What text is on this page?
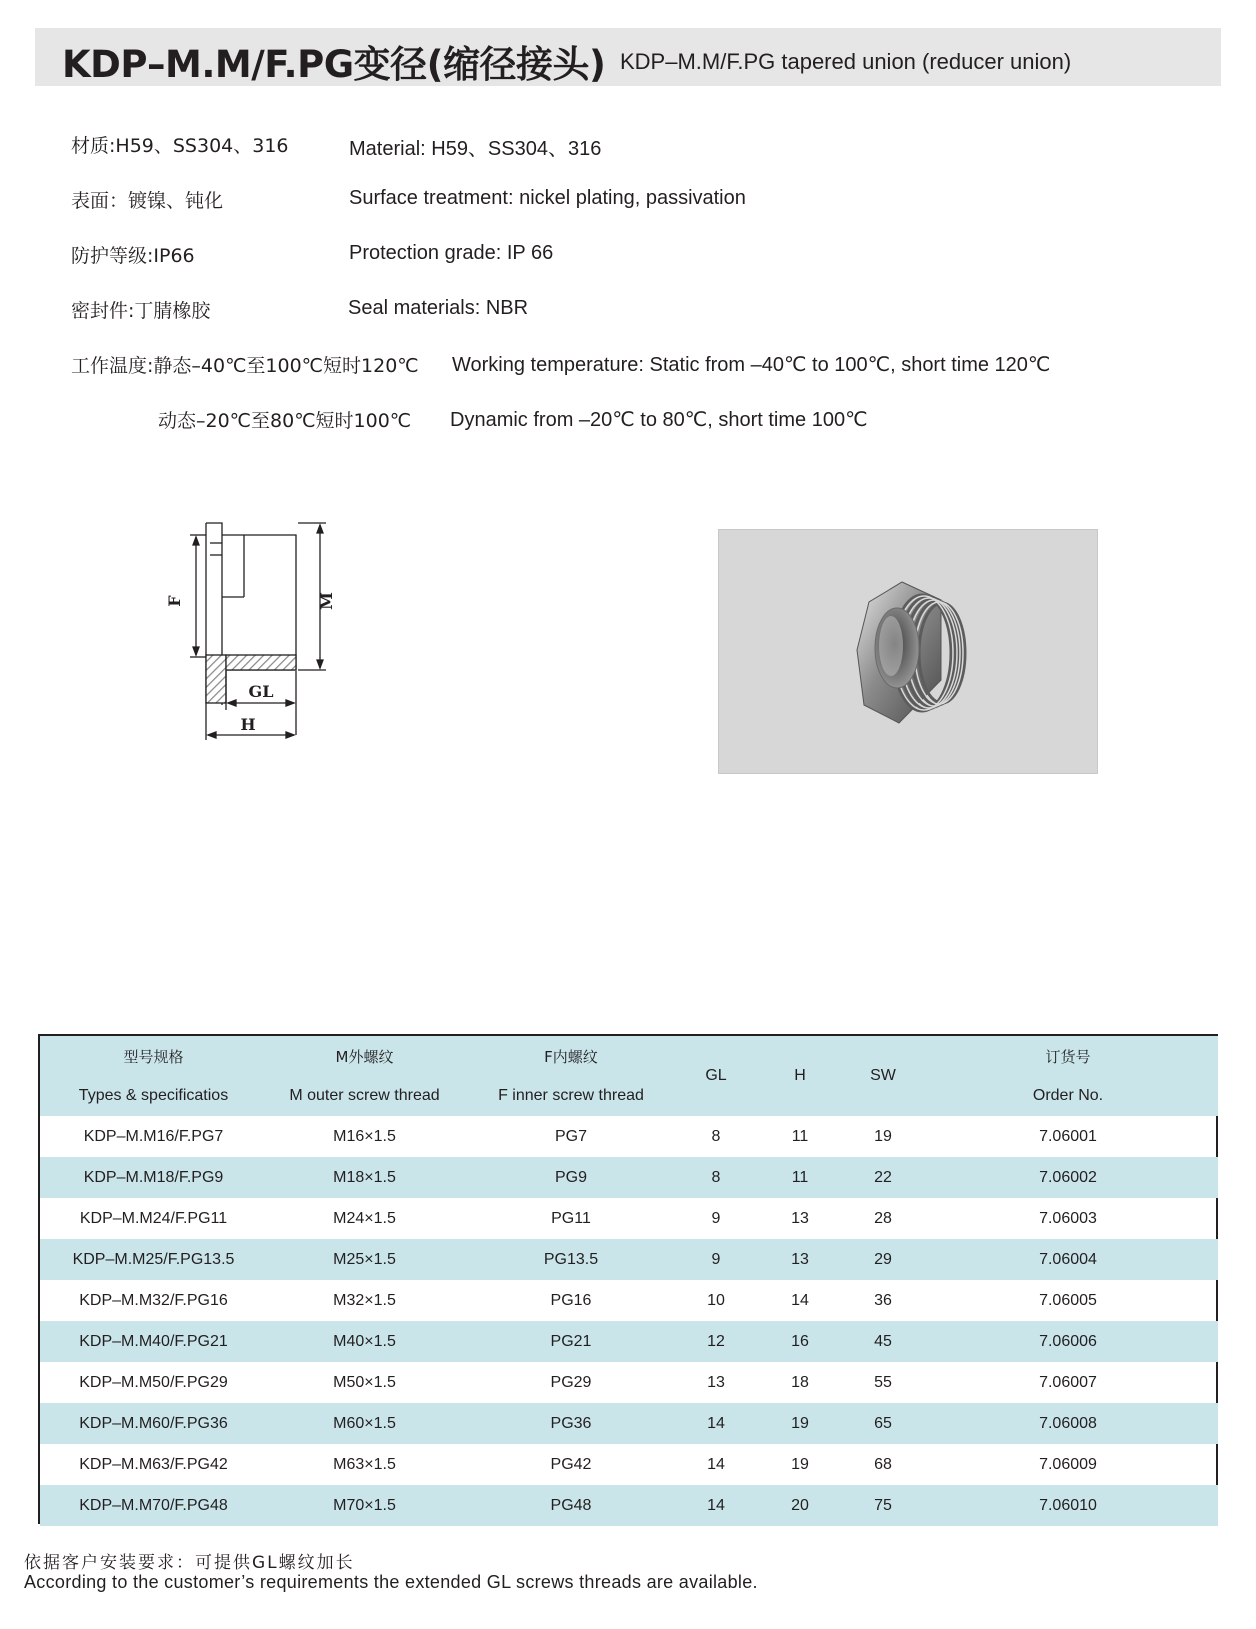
KDP–M.M/F.PG变径(缩径接头) KDP–M.M/F.PG tapered union (reducer union)
材质:H59、SS304、316	Material: H59、SS304、316
表面：镀镍、钝化	Surface treatment: nickel plating, passivation
防护等级:IP66	Protection grade: IP 66
密封件:丁腈橡胶	Seal materials: NBR
工作温度:静态–40℃至100℃短时120℃ Working temperature: Static from –40℃ to 100℃, short time 120℃
动态–20℃至80℃短时100℃ Dynamic from –20℃ to 80℃, short time 100℃
F	M
GL
H
型号规格	M外螺纹	F内螺纹	GL	H	SW	订货号
Types & specificatios	M outer screw thread	F inner screw thread				Order No.
KDP–M.M16/F.PG7	M16×1.5	PG7	8	11	19	7.06001
KDP–M.M18/F.PG9	M18×1.5	PG9	8	11	22	7.06002
KDP–M.M24/F.PG11	M24×1.5	PG11	9	13	28	7.06003
KDP–M.M25/F.PG13.5	M25×1.5	PG13.5	9	13	29	7.06004
KDP–M.M32/F.PG16	M32×1.5	PG16	10	14	36	7.06005
KDP–M.M40/F.PG21	M40×1.5	PG21	12	16	45	7.06006
KDP–M.M50/F.PG29	M50×1.5	PG29	13	18	55	7.06007
KDP–M.M60/F.PG36	M60×1.5	PG36	14	19	65	7.06008
KDP–M.M63/F.PG42	M63×1.5	PG42	14	19	68	7.06009
KDP–M.M70/F.PG48	M70×1.5	PG48	14	20	75	7.06010
依据客户安装要求：可提供GL螺纹加长
According to the customer’s requirements the extended GL screws threads are available.
